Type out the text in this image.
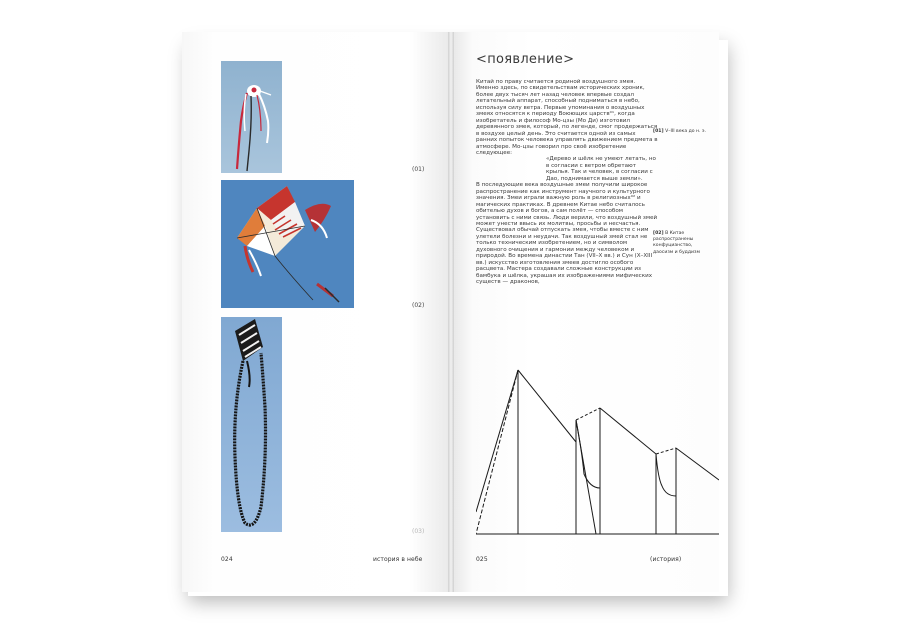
(01)
(02)
(03)
024	история в небе
<появление>

Китай по праву считается родиной воздушного змея. Именно здесь, по свидетельствам исторических хроник, более двух тысяч лет назад человек впервые создал летательный аппарат, способный подниматься в небо, используя силу ветра. Первые упоминания о воздушных змеях относятся к периоду Воюющих царств⁰¹, когда изобретатель и философ Мо-цзы (Мо Ди) изготовил деревянного змея, который, по легенде, смог продержаться в воздухе целый день. Это считается одной из самых ранних попыток человека управлять движением предмета в атмосфере. Мо-цзы говорил про своё изобретение следующее:

«Дерево и шёлк не умеют летать, но в согласии с ветром обретают крылья. Так и человек, в согласии с Дао, поднимается выше земли».

В последующие века воздушные змеи получили широкое распространение как инструмент научного и культурного значения. Змеи играли важную роль в религиозных⁰² и магических практиках. В древнем Китае небо считалось обителью духов и богов, а сам полёт — способом установить с ними связь. Люди верили, что воздушный змей может унести ввысь их молитвы, просьбы и несчастья. Существовал обычай отпускать змея, чтобы вместе с ним улетели болезни и неудачи. Так воздушный змей стал не только техническим изобретением, но и символом духовного очищения и гармонии между человеком и природой. Во времена династии Тан (VII–X вв.) и Сун (X–XIII вв.) искусство изготовления змеев достигло особого расцвета. Мастера создавали сложные конструкции из бамбука и шёлка, украшая их изображениями мифических существ — драконов,

[01] V–III века до н. э.
[02] В Китае распространены конфуцианство, даосизм и буддизм
025	(история)
